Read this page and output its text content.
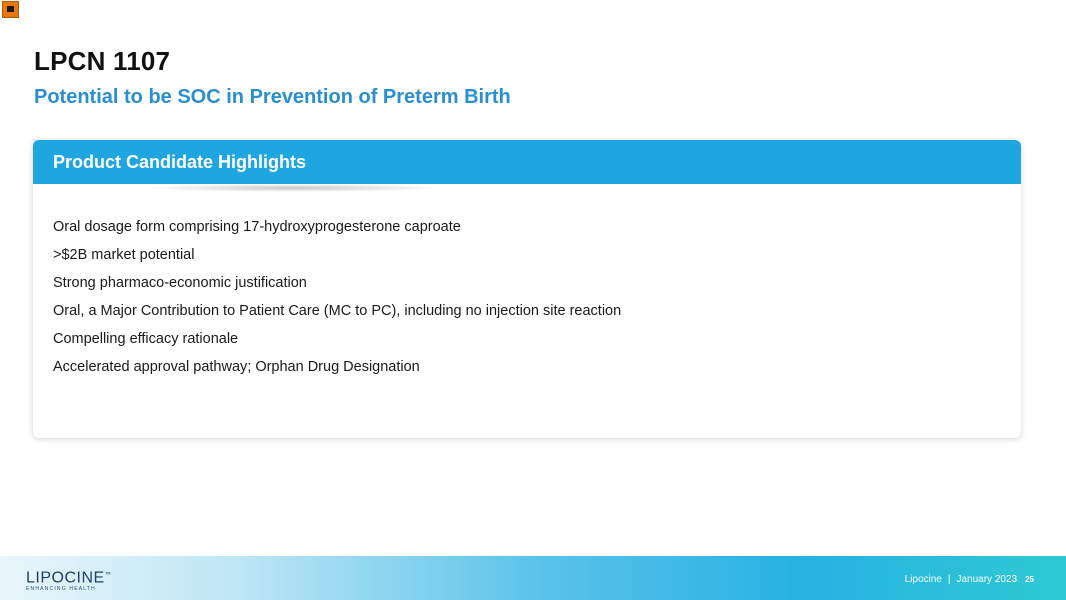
LPCN 1107
Potential to be SOC in Prevention of Preterm Birth
Product Candidate Highlights
Oral dosage form comprising 17-hydroxyprogesterone caproate
>$2B market potential
Strong pharmaco-economic justification
Oral, a Major Contribution to Patient Care (MC to PC), including no injection site reaction
Compelling efficacy rationale
Accelerated approval pathway; Orphan Drug Designation
LIPOCINE™
ENHANCING HEALTH
Lipocine | January 2023 25
